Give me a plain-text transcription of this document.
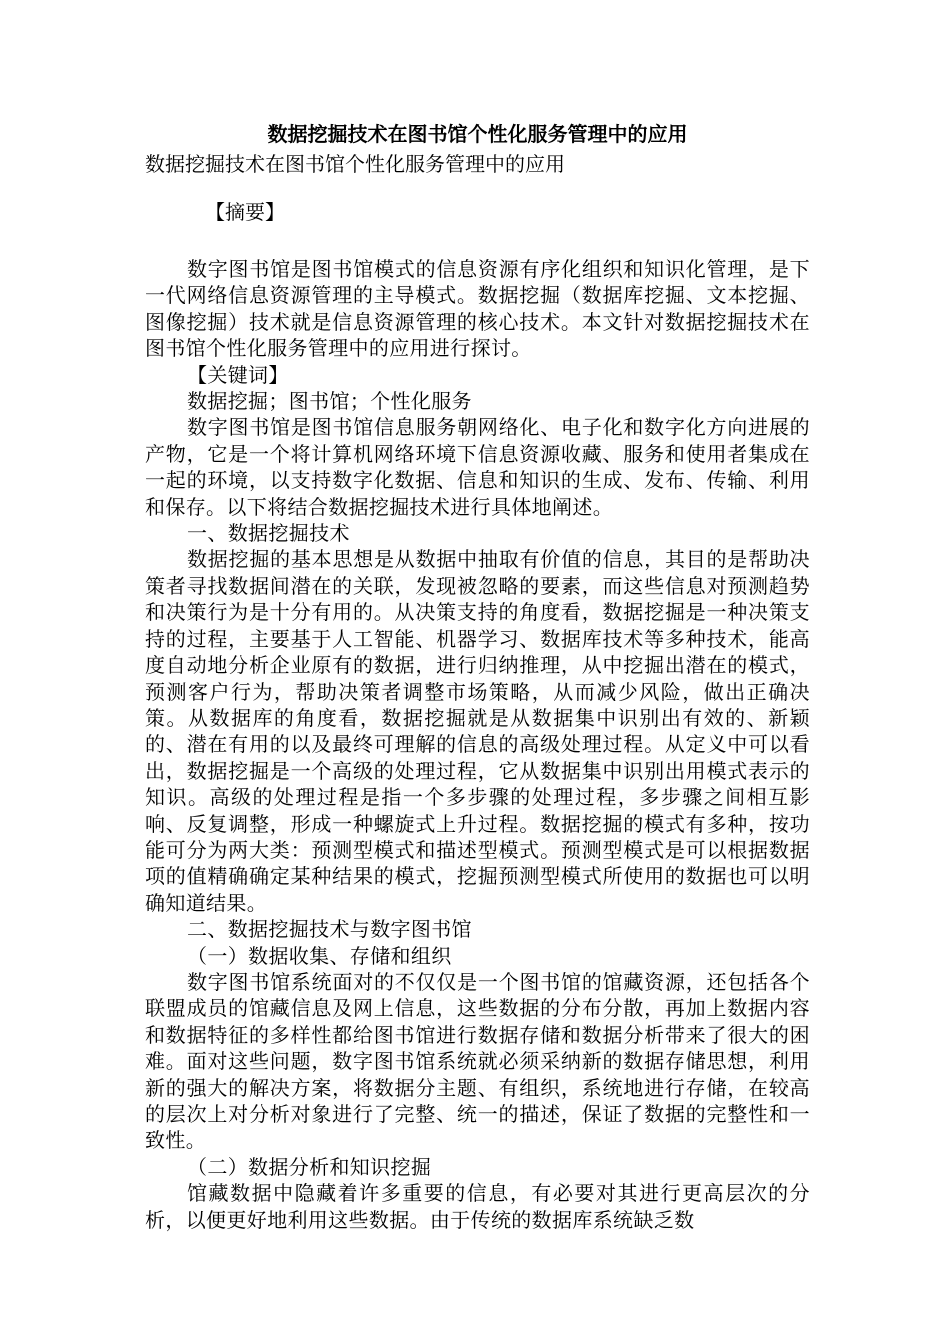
数据挖掘技术在图书馆个性化服务管理中的应用
数据挖掘技术在图书馆个性化服务管理中的应用
【摘要】

数字图书馆是图书馆模式的信息资源有序化组织和知识化管理，是下一代网络信息资源管理的主导模式。数据挖掘（数据库挖掘、文本挖掘、图像挖掘）技术就是信息资源管理的核心技术。本文针对数据挖掘技术在图书馆个性化服务管理中的应用进行探讨。

【关键词】
数据挖掘；图书馆；个性化服务

数字图书馆是图书馆信息服务朝网络化、电子化和数字化方向进展的产物，它是一个将计算机网络环境下信息资源收藏、服务和使用者集成在一起的环境，以支持数字化数据、信息和知识的生成、发布、传输、利用和保存。以下将结合数据挖掘技术进行具体地阐述。

一、数据挖掘技术

数据挖掘的基本思想是从数据中抽取有价值的信息，其目的是帮助决策者寻找数据间潜在的关联，发现被忽略的要素，而这些信息对预测趋势和决策行为是十分有用的。从决策支持的角度看，数据挖掘是一种决策支持的过程，主要基于人工智能、机器学习、数据库技术等多种技术，能高度自动地分析企业原有的数据，进行归纳推理，从中挖掘出潜在的模式，预测客户行为，帮助决策者调整市场策略，从而减少风险，做出正确决策。从数据库的角度看，数据挖掘就是从数据集中识别出有效的、新颖的、潜在有用的以及最终可理解的信息的高级处理过程。从定义中可以看出，数据挖掘是一个高级的处理过程，它从数据集中识别出用模式表示的知识。高级的处理过程是指一个多步骤的处理过程，多步骤之间相互影响、反复调整，形成一种螺旋式上升过程。数据挖掘的模式有多种，按功能可分为两大类：预测型模式和描述型模式。预测型模式是可以根据数据项的值精确确定某种结果的模式，挖掘预测型模式所使用的数据也可以明确知道结果。

二、数据挖掘技术与数字图书馆
（一）数据收集、存储和组织

数字图书馆系统面对的不仅仅是一个图书馆的馆藏资源，还包括各个联盟成员的馆藏信息及网上信息，这些数据的分布分散，再加上数据内容和数据特征的多样性都给图书馆进行数据存储和数据分析带来了很大的困难。面对这些问题，数字图书馆系统就必须采纳新的数据存储思想，利用新的强大的解决方案，将数据分主题、有组织，系统地进行存储，在较高的层次上对分析对象进行了完整、统一的描述，保证了数据的完整性和一致性。

（二）数据分析和知识挖掘

馆藏数据中隐藏着许多重要的信息，有必要对其进行更高层次的分析，以便更好地利用这些数据。由于传统的数据库系统缺乏数
